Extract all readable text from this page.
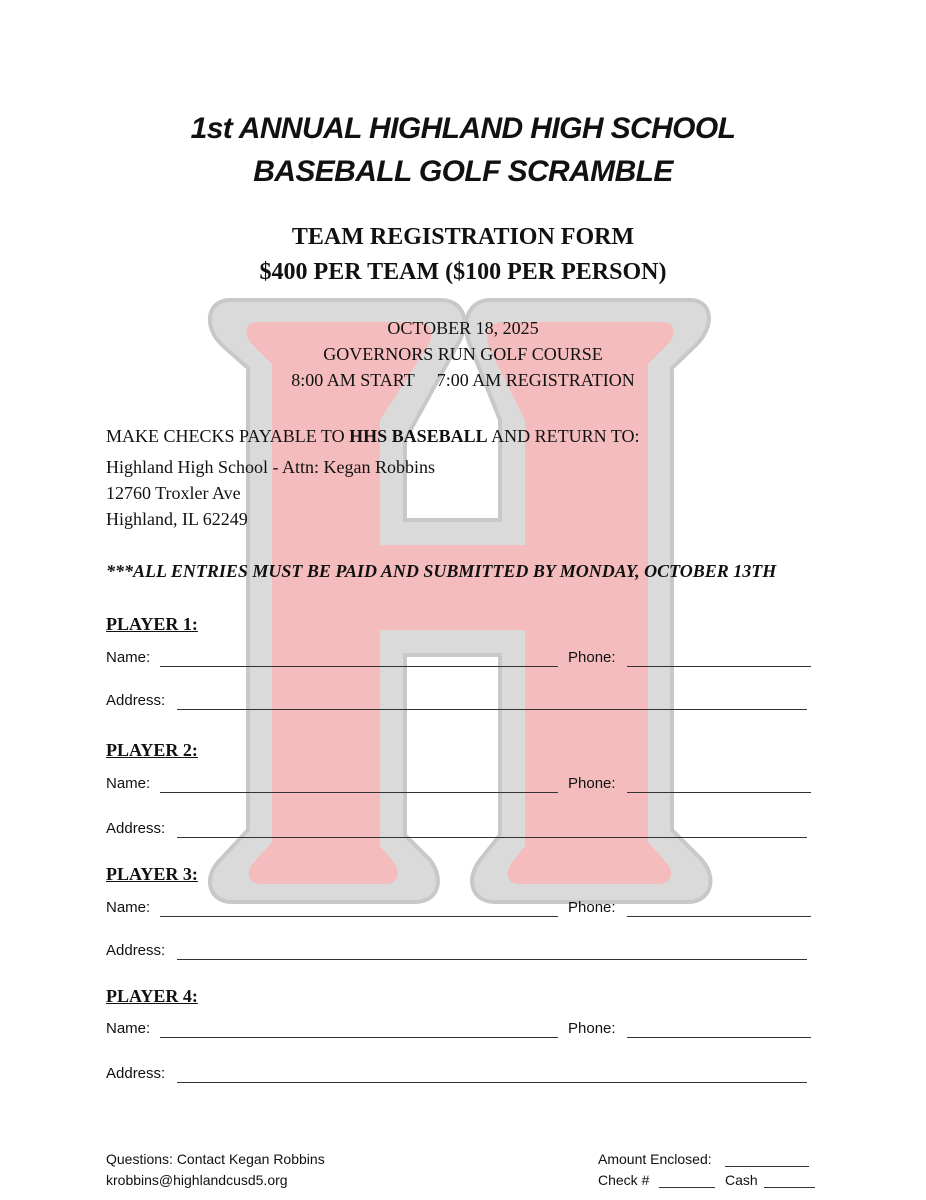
1st ANNUAL HIGHLAND HIGH SCHOOL
BASEBALL GOLF SCRAMBLE
TEAM REGISTRATION FORM
$400 PER TEAM ($100 PER PERSON)
OCTOBER 18, 2025
GOVERNORS RUN GOLF COURSE
8:00 AM START 7:00 AM REGISTRATION
MAKE CHECKS PAYABLE TO HHS BASEBALL AND RETURN TO:
Highland High School - Attn: Kegan Robbins
12760 Troxler Ave
Highland, IL 62249
***ALL ENTRIES MUST BE PAID AND SUBMITTED BY MONDAY, OCTOBER 13TH
PLAYER 1:
Name:	Phone:
Address:
PLAYER 2:
Name:	Phone:
Address:
PLAYER 3:
Name:	Phone:
Address:
PLAYER 4:
Name:	Phone:
Address:
Questions: Contact Kegan Robbins
krobbins@highlandcusd5.org
Amount Enclosed:
Check #	Cash
